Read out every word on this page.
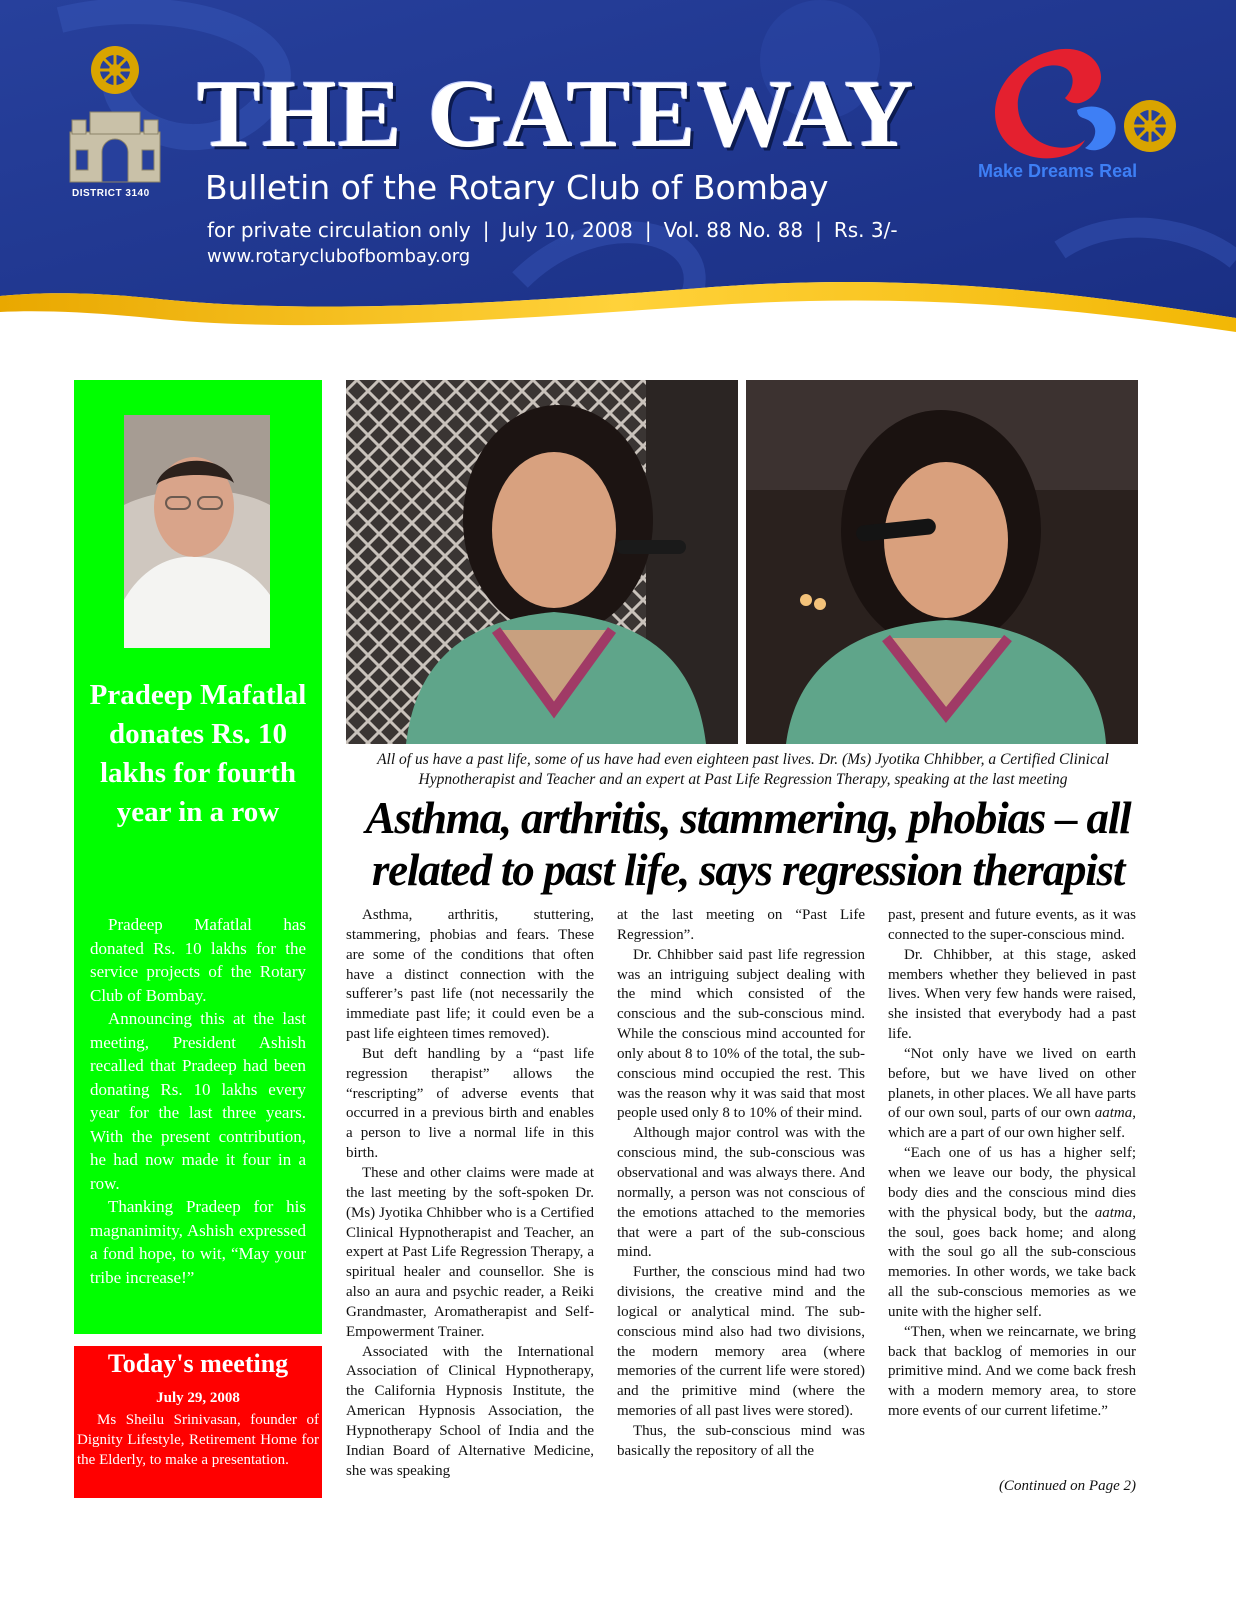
DISTRICT 3140
THE GATEWAY
Bulletin of the Rotary Club of Bombay
for private circulation only | July 10, 2008 | Vol. 88 No. 88 | Rs. 3/-
www.rotaryclubofbombay.org
Make Dreams Real
Pradeep Mafatlal donates Rs. 10 lakhs for fourth year in a row

Pradeep Mafatlal has donated Rs. 10 lakhs for the service projects of the Rotary Club of Bombay.

Announcing this at the last meeting, President Ashish recalled that Pradeep had been donating Rs. 10 lakhs every year for the last three years. With the present contribution, he had now made it four in a row.

Thanking Pradeep for his magnanimity, Ashish expressed a fond hope, to wit, “May your tribe increase!”

Today's meeting
July 29, 2008
Ms Sheilu Srinivasan, founder of Dignity Lifestyle, Retirement Home for the Elderly, to make a presentation.
All of us have a past life, some of us have had even eighteen past lives. Dr. (Ms) Jyotika Chhibber, a Certified Clinical Hypnotherapist and Teacher and an expert at Past Life Regression Therapy, speaking at the last meeting
Asthma, arthritis, stammering, phobias – all related to past life, says regression therapist

Asthma, arthritis, stuttering, stammering, phobias and fears. These are some of the conditions that often have a distinct connection with the sufferer’s past life (not necessarily the immediate past life; it could even be a past life eighteen times removed).

But deft handling by a “past life regression therapist” allows the “rescripting” of adverse events that occurred in a previous birth and enables a person to live a normal life in this birth.

These and other claims were made at the last meeting by the soft-spoken Dr. (Ms) Jyotika Chhibber who is a Certified Clinical Hypnotherapist and Teacher, an expert at Past Life Regression Therapy, a spiritual healer and counsellor. She is also an aura and psychic reader, a Reiki Grandmaster, Aromatherapist and Self-Empowerment Trainer.

Associated with the International Association of Clinical Hypnotherapy, the California Hypnosis Institute, the American Hypnosis Association, the Hypnotherapy School of India and the Indian Board of Alternative Medicine, she was speaking

at the last meeting on “Past Life Regression”.

Dr. Chhibber said past life regression was an intriguing subject dealing with the mind which consisted of the conscious and the sub-conscious mind. While the conscious mind accounted for only about 8 to 10% of the total, the sub-conscious mind occupied the rest. This was the reason why it was said that most people used only 8 to 10% of their mind.

Although major control was with the conscious mind, the sub-conscious was observational and was always there. And normally, a person was not conscious of the emotions attached to the memories that were a part of the sub-conscious mind.

Further, the conscious mind had two divisions, the creative mind and the logical or analytical mind. The sub-conscious mind also had two divisions, the modern memory area (where memories of the current life were stored) and the primitive mind (where the memories of all past lives were stored).

Thus, the sub-conscious mind was basically the repository of all the

past, present and future events, as it was connected to the super-conscious mind.

Dr. Chhibber, at this stage, asked members whether they believed in past lives. When very few hands were raised, she insisted that everybody had a past life.

“Not only have we lived on earth before, but we have lived on other planets, in other places. We all have parts of our own soul, parts of our own aatma, which are a part of our own higher self.

“Each one of us has a higher self; when we leave our body, the physical body dies and the conscious mind dies with the physical body, but the aatma, the soul, goes back home; and along with the soul go all the sub-conscious memories. In other words, we take back all the sub-conscious memories as we unite with the higher self.

“Then, when we reincarnate, we bring back that backlog of memories in our primitive mind. And we come back fresh with a modern memory area, to store more events of our current lifetime.”

(Continued on Page 2)
